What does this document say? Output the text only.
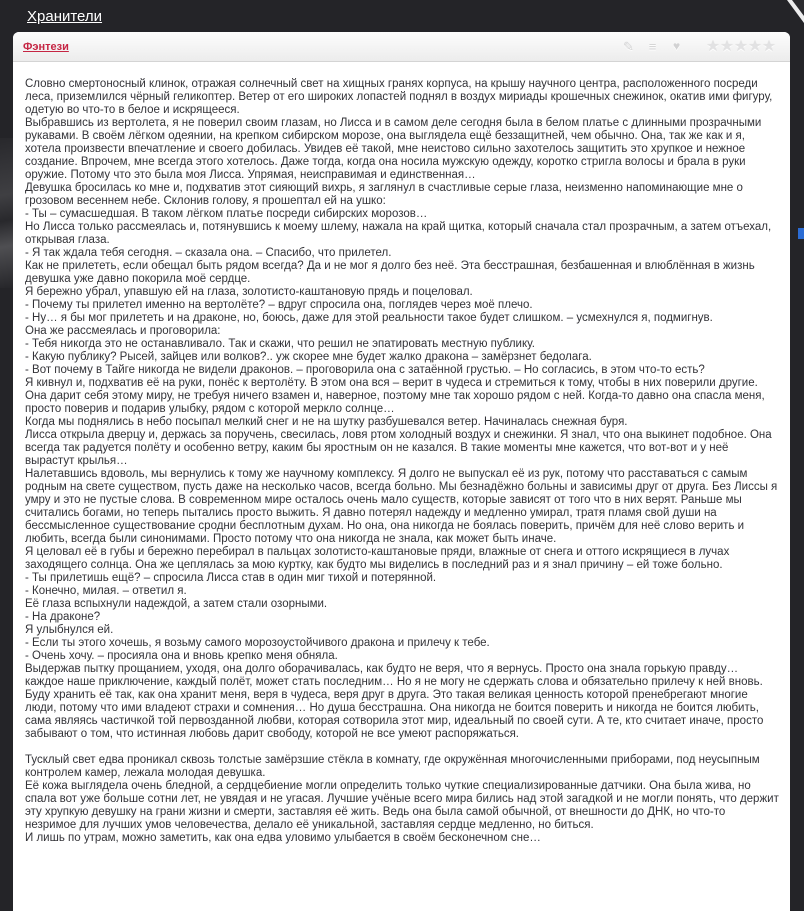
Хранители
Фэнтези	✎ ≡	♥ ★ ★ ★ ★ ★

Словно смертоносный клинок, отражая солнечный свет на хищных гранях корпуса, на крышу научного центра, расположенного посреди леса, приземлился чёрный геликоптер. Ветер от его широких лопастей поднял в воздух мириады крошечных снежинок, окатив ими фигуру, одетую во что-то в белое и искрящееся.

Выбравшись из вертолета, я не поверил своим глазам, но Лисса и в самом деле сегодня была в белом платье с длинными прозрачными рукавами. В своём лёгком одеянии, на крепком сибирском морозе, она выглядела ещё беззащитней, чем обычно. Она, так же как и я, хотела произвести впечатление и своего добилась. Увидев её такой, мне неистово сильно захотелось защитить это хрупкое и нежное создание. Впрочем, мне всегда этого хотелось. Даже тогда, когда она носила мужскую одежду, коротко стригла волосы и брала в руки оружие. Потому что это была моя Лисса. Упрямая, неисправимая и единственная…

Девушка бросилась ко мне и, подхватив этот сияющий вихрь, я заглянул в счастливые серые глаза, неизменно напоминающие мне о грозовом весеннем небе. Склонив голову, я прошептал ей на ушко:

- Ты – сумасшедшая. В таком лёгком платье посреди сибирских морозов…

Но Лисса только рассмеялась и, потянувшись к моему шлему, нажала на край щитка, который сначала стал прозрачным, а затем отъехал, открывая глаза.

- Я так ждала тебя сегодня. – сказала она. – Спасибо, что прилетел.

Как не прилететь, если обещал быть рядом всегда? Да и не мог я долго без неё. Эта бесстрашная, безбашенная и влюблённая в жизнь девушка уже давно покорила моё сердце.

Я бережно убрал, упавшую ей на глаза, золотисто-каштановую прядь и поцеловал.

- Почему ты прилетел именно на вертолёте? – вдруг спросила она, поглядев через моё плечо.

- Ну… я бы мог прилететь и на драконе, но, боюсь, даже для этой реальности такое будет слишком. – усмехнулся я, подмигнув.

Она же рассмеялась и проговорила:

- Тебя никогда это не останавливало. Так и скажи, что решил не эпатировать местную публику.

- Какую публику? Рысей, зайцев или волков?.. уж скорее мне будет жалко дракона – замёрзнет бедолага.

- Вот почему в Тайге никогда не видели драконов. – проговорила она с затаённой грустью. – Но согласись, в этом что-то есть?

Я кивнул и, подхватив её на руки, понёс к вертолёту. В этом она вся – верит в чудеса и стремиться к тому, чтобы в них поверили другие. Она дарит себя этому миру, не требуя ничего взамен и, наверное, поэтому мне так хорошо рядом с ней. Когда-то давно она спасла меня, просто поверив и подарив улыбку, рядом с которой меркло солнце…

Когда мы поднялись в небо посыпал мелкий снег и не на шутку разбушевался ветер. Начиналась снежная буря.

Лисса открыла дверцу и, держась за поручень, свесилась, ловя ртом холодный воздух и снежинки. Я знал, что она выкинет подобное. Она всегда так радуется полёту и особенно ветру, каким бы яростным он не казался. В такие моменты мне кажется, что вот-вот и у неё вырастут крылья…

Налетавшись вдоволь, мы вернулись к тому же научному комплексу. Я долго не выпускал её из рук, потому что расставаться с самым родным на свете существом, пусть даже на несколько часов, всегда больно. Мы безнадёжно больны и зависимы друг от друга. Без Лиссы я умру и это не пустые слова. В современном мире осталось очень мало существ, которые зависят от того что в них верят. Раньше мы считались богами, но теперь пытались просто выжить. Я давно потерял надежду и медленно умирал, тратя пламя свой души на бессмысленное существование сродни бесплотным духам. Но она, она никогда не боялась поверить, причём для неё слово верить и любить, всегда были синонимами. Просто потому что она никогда не знала, как может быть иначе.

Я целовал её в губы и бережно перебирал в пальцах золотисто-каштановые пряди, влажные от снега и оттого искрящиеся в лучах заходящего солнца. Она же цеплялась за мою куртку, как будто мы виделись в последний раз и я знал причину – ей тоже больно.

- Ты прилетишь ещё? – спросила Лисса став в один миг тихой и потерянной.

- Конечно, милая. – ответил я.

Её глаза вспыхнули надеждой, а затем стали озорными.

- На драконе?

Я улыбнулся ей.

- Если ты этого хочешь, я возьму самого морозоустойчивого дракона и прилечу к тебе.

- Очень хочу. – просияла она и вновь крепко меня обняла.

Выдержав пытку прощанием, уходя, она долго оборачивалась, как будто не веря, что я вернусь. Просто она знала горькую правду… каждое наше приключение, каждый полёт, может стать последним… Но я не могу не сдержать слова и обязательно прилечу к ней вновь. Буду хранить её так, как она хранит меня, веря в чудеса, веря друг в друга. Это такая великая ценность которой пренебрегают многие люди, потому что ими владеют страхи и сомнения… Но душа бесстрашна. Она никогда не боится поверить и никогда не боится любить, сама являясь частичкой той первозданной любви, которая сотворила этот мир, идеальный по своей сути. А те, кто считает иначе, просто забывают о том, что истинная любовь дарит свободу, которой не все умеют распоряжаться.

Тусклый свет едва проникал сквозь толстые замёрзшие стёкла в комнату, где окружённая многочисленными приборами, под неусыпным контролем камер, лежала молодая девушка.

Её кожа выглядела очень бледной, а сердцебиение могли определить только чуткие специализированные датчики. Она была жива, но спала вот уже больше сотни лет, не увядая и не угасая. Лучшие учёные всего мира бились над этой загадкой и не могли понять, что держит эту хрупкую девушку на грани жизни и смерти, заставляя её жить. Ведь она была самой обычной, от внешности до ДНК, но что-то незримое для лучших умов человечества, делало её уникальной, заставляя сердце медленно, но биться.

И лишь по утрам, можно заметить, как она едва уловимо улыбается в своём бесконечном сне…
